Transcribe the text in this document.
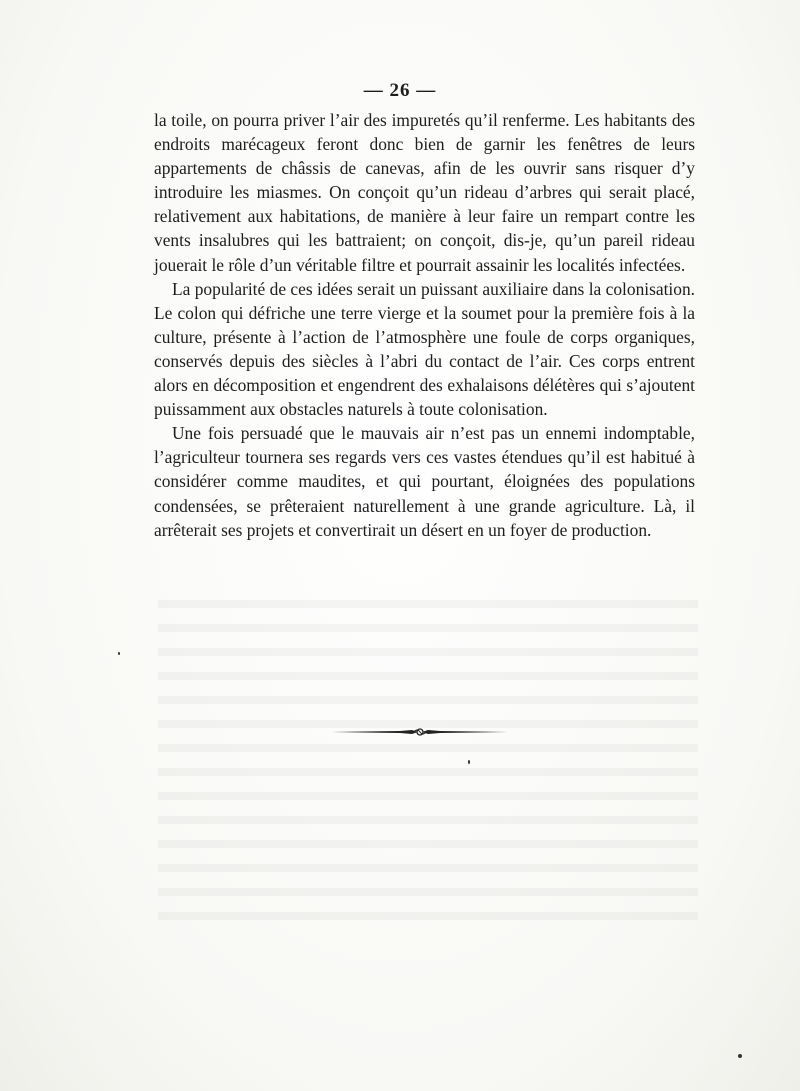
— 26 —

la toile, on pourra priver l’air des impuretés qu’il renferme. Les habitants des endroits marécageux feront donc bien de garnir les fenêtres de leurs appartements de châssis de canevas, afin de les ouvrir sans risquer d’y introduire les miasmes. On conçoit qu’un rideau d’arbres qui serait placé, relativement aux habitations, de manière à leur faire un rempart contre les vents insalubres qui les battraient; on conçoit, dis-je, qu’un pareil rideau jouerait le rôle d’un véritable filtre et pourrait assainir les localités infectées.

La popularité de ces idées serait un puissant auxiliaire dans la colonisation. Le colon qui défriche une terre vierge et la soumet pour la première fois à la culture, présente à l’action de l’atmosphère une foule de corps organiques, conservés depuis des siècles à l’abri du contact de l’air. Ces corps entrent alors en décomposition et engendrent des exhalaisons délétères qui s’ajoutent puissamment aux obstacles naturels à toute colonisation.

Une fois persuadé que le mauvais air n’est pas un ennemi indomptable, l’agriculteur tournera ses regards vers ces vastes étendues qu’il est habitué à considérer comme maudites, et qui pourtant, éloignées des populations condensées, se prêteraient naturellement à une grande agriculture. Là, il arrêterait ses projets et convertirait un désert en un foyer de production.
